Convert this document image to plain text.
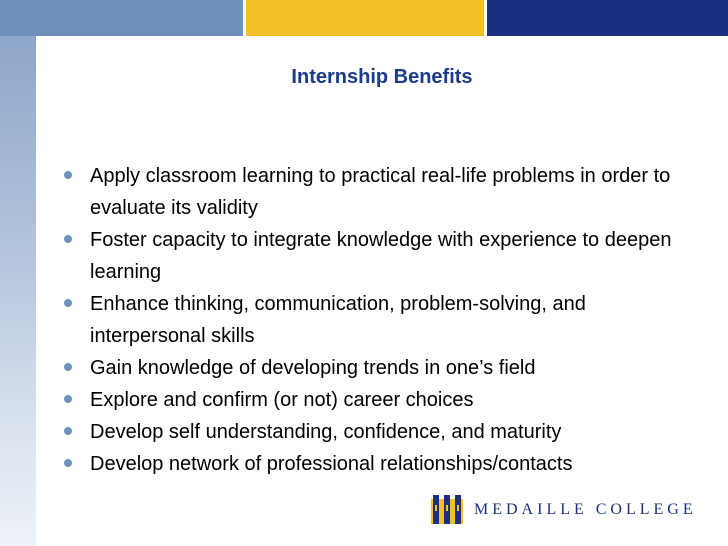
Internship Benefits
Apply classroom learning to practical real-life problems in order to evaluate its validity
Foster capacity to integrate knowledge with experience to deepen learning
Enhance thinking, communication, problem-solving, and interpersonal skills
Gain knowledge of developing trends in one’s field
Explore and confirm (or not) career choices
Develop self understanding, confidence, and maturity
Develop network of professional relationships/contacts
MEDAILLE COLLEGE
